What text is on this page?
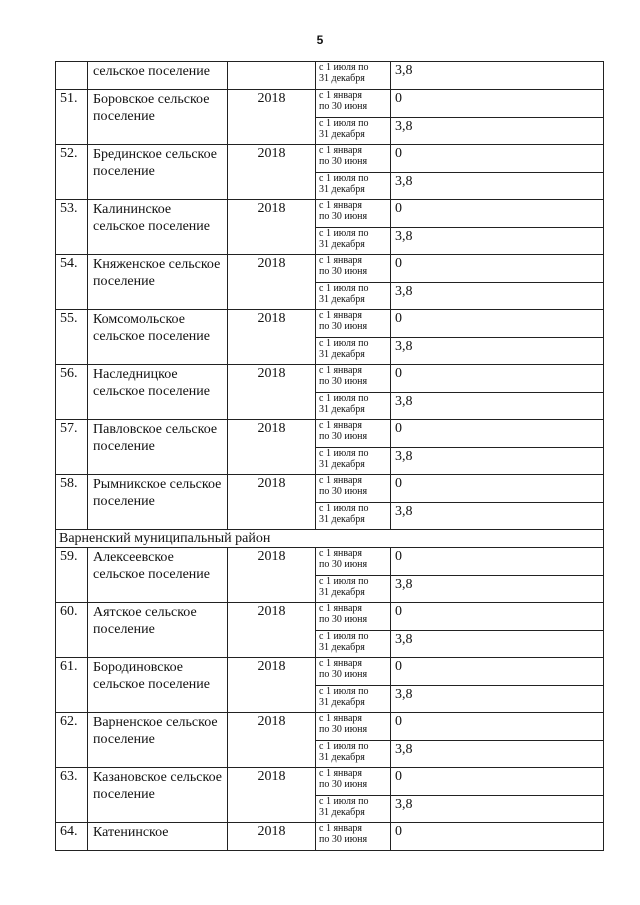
5
	сельское поселение		с 1 июля по
31 декабря	3,8
51.	Боровское сельское поселение	2018	с 1 января
по 30 июня	0

			с 1 июля по
31 декабря	3,8
52.	Брединское сельское поселение	2018	с 1 января
по 30 июня	0

			с 1 июля по
31 декабря	3,8
53.	Калининское сельское поселение	2018	с 1 января
по 30 июня	0

			с 1 июля по
31 декабря	3,8
54.	Княженское сельское поселение	2018	с 1 января
по 30 июня	0

			с 1 июля по
31 декабря	3,8
55.	Комсомольское сельское поселение	2018	с 1 января
по 30 июня	0

			с 1 июля по
31 декабря	3,8
56.	Наследницкое сельское поселение	2018	с 1 января
по 30 июня	0

			с 1 июля по
31 декабря	3,8
57.	Павловское сельское поселение	2018	с 1 января
по 30 июня	0

			с 1 июля по
31 декабря	3,8
58.	Рымникское сельское поселение	2018	с 1 января
по 30 июня	0

			с 1 июля по
31 декабря	3,8
Варненский муниципальный район				
59.	Алексеевское сельское поселение	2018	с 1 января
по 30 июня	0

			с 1 июля по
31 декабря	3,8
60.	Аятское сельское поселение	2018	с 1 января
по 30 июня	0

			с 1 июля по
31 декабря	3,8
61.	Бородиновское сельское поселение	2018	с 1 января
по 30 июня	0

			с 1 июля по
31 декабря	3,8
62.	Варненское сельское поселение	2018	с 1 января
по 30 июня	0

			с 1 июля по
31 декабря	3,8
63.	Казановское сельское поселение	2018	с 1 января
по 30 июня	0

			с 1 июля по
31 декабря	3,8
64.	Катенинское	2018	с 1 января
по 30 июня	0
